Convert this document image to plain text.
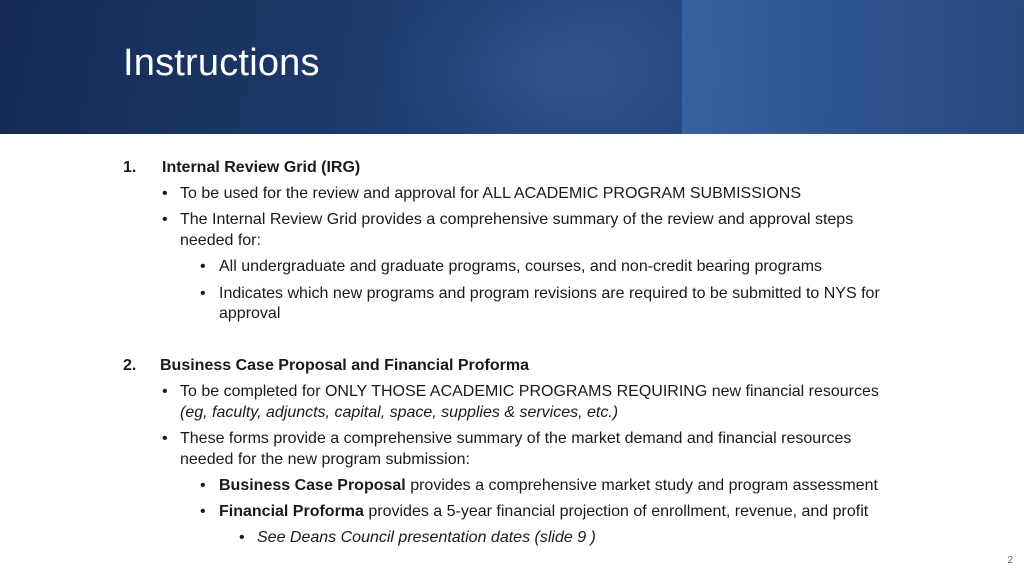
Instructions
1. Internal Review Grid (IRG)
• To be used for the review and approval for ALL ACADEMIC PROGRAM SUBMISSIONS
• The Internal Review Grid provides a comprehensive summary of the review and approval steps
needed for:
• All undergraduate and graduate programs, courses, and non-credit bearing programs
• Indicates which new programs and program revisions are required to be submitted to NYS for
approval
2. Business Case Proposal and Financial Proforma
• To be completed for ONLY THOSE ACADEMIC PROGRAMS REQUIRING new financial resources
(eg, faculty, adjuncts, capital, space, supplies & services, etc.)
• These forms provide a comprehensive summary of the market demand and financial resources
needed for the new program submission:
• Business Case Proposal provides a comprehensive market study and program assessment
• Financial Proforma provides a 5-year financial projection of enrollment, revenue, and profit
• See Deans Council presentation dates (slide 9 )
2
